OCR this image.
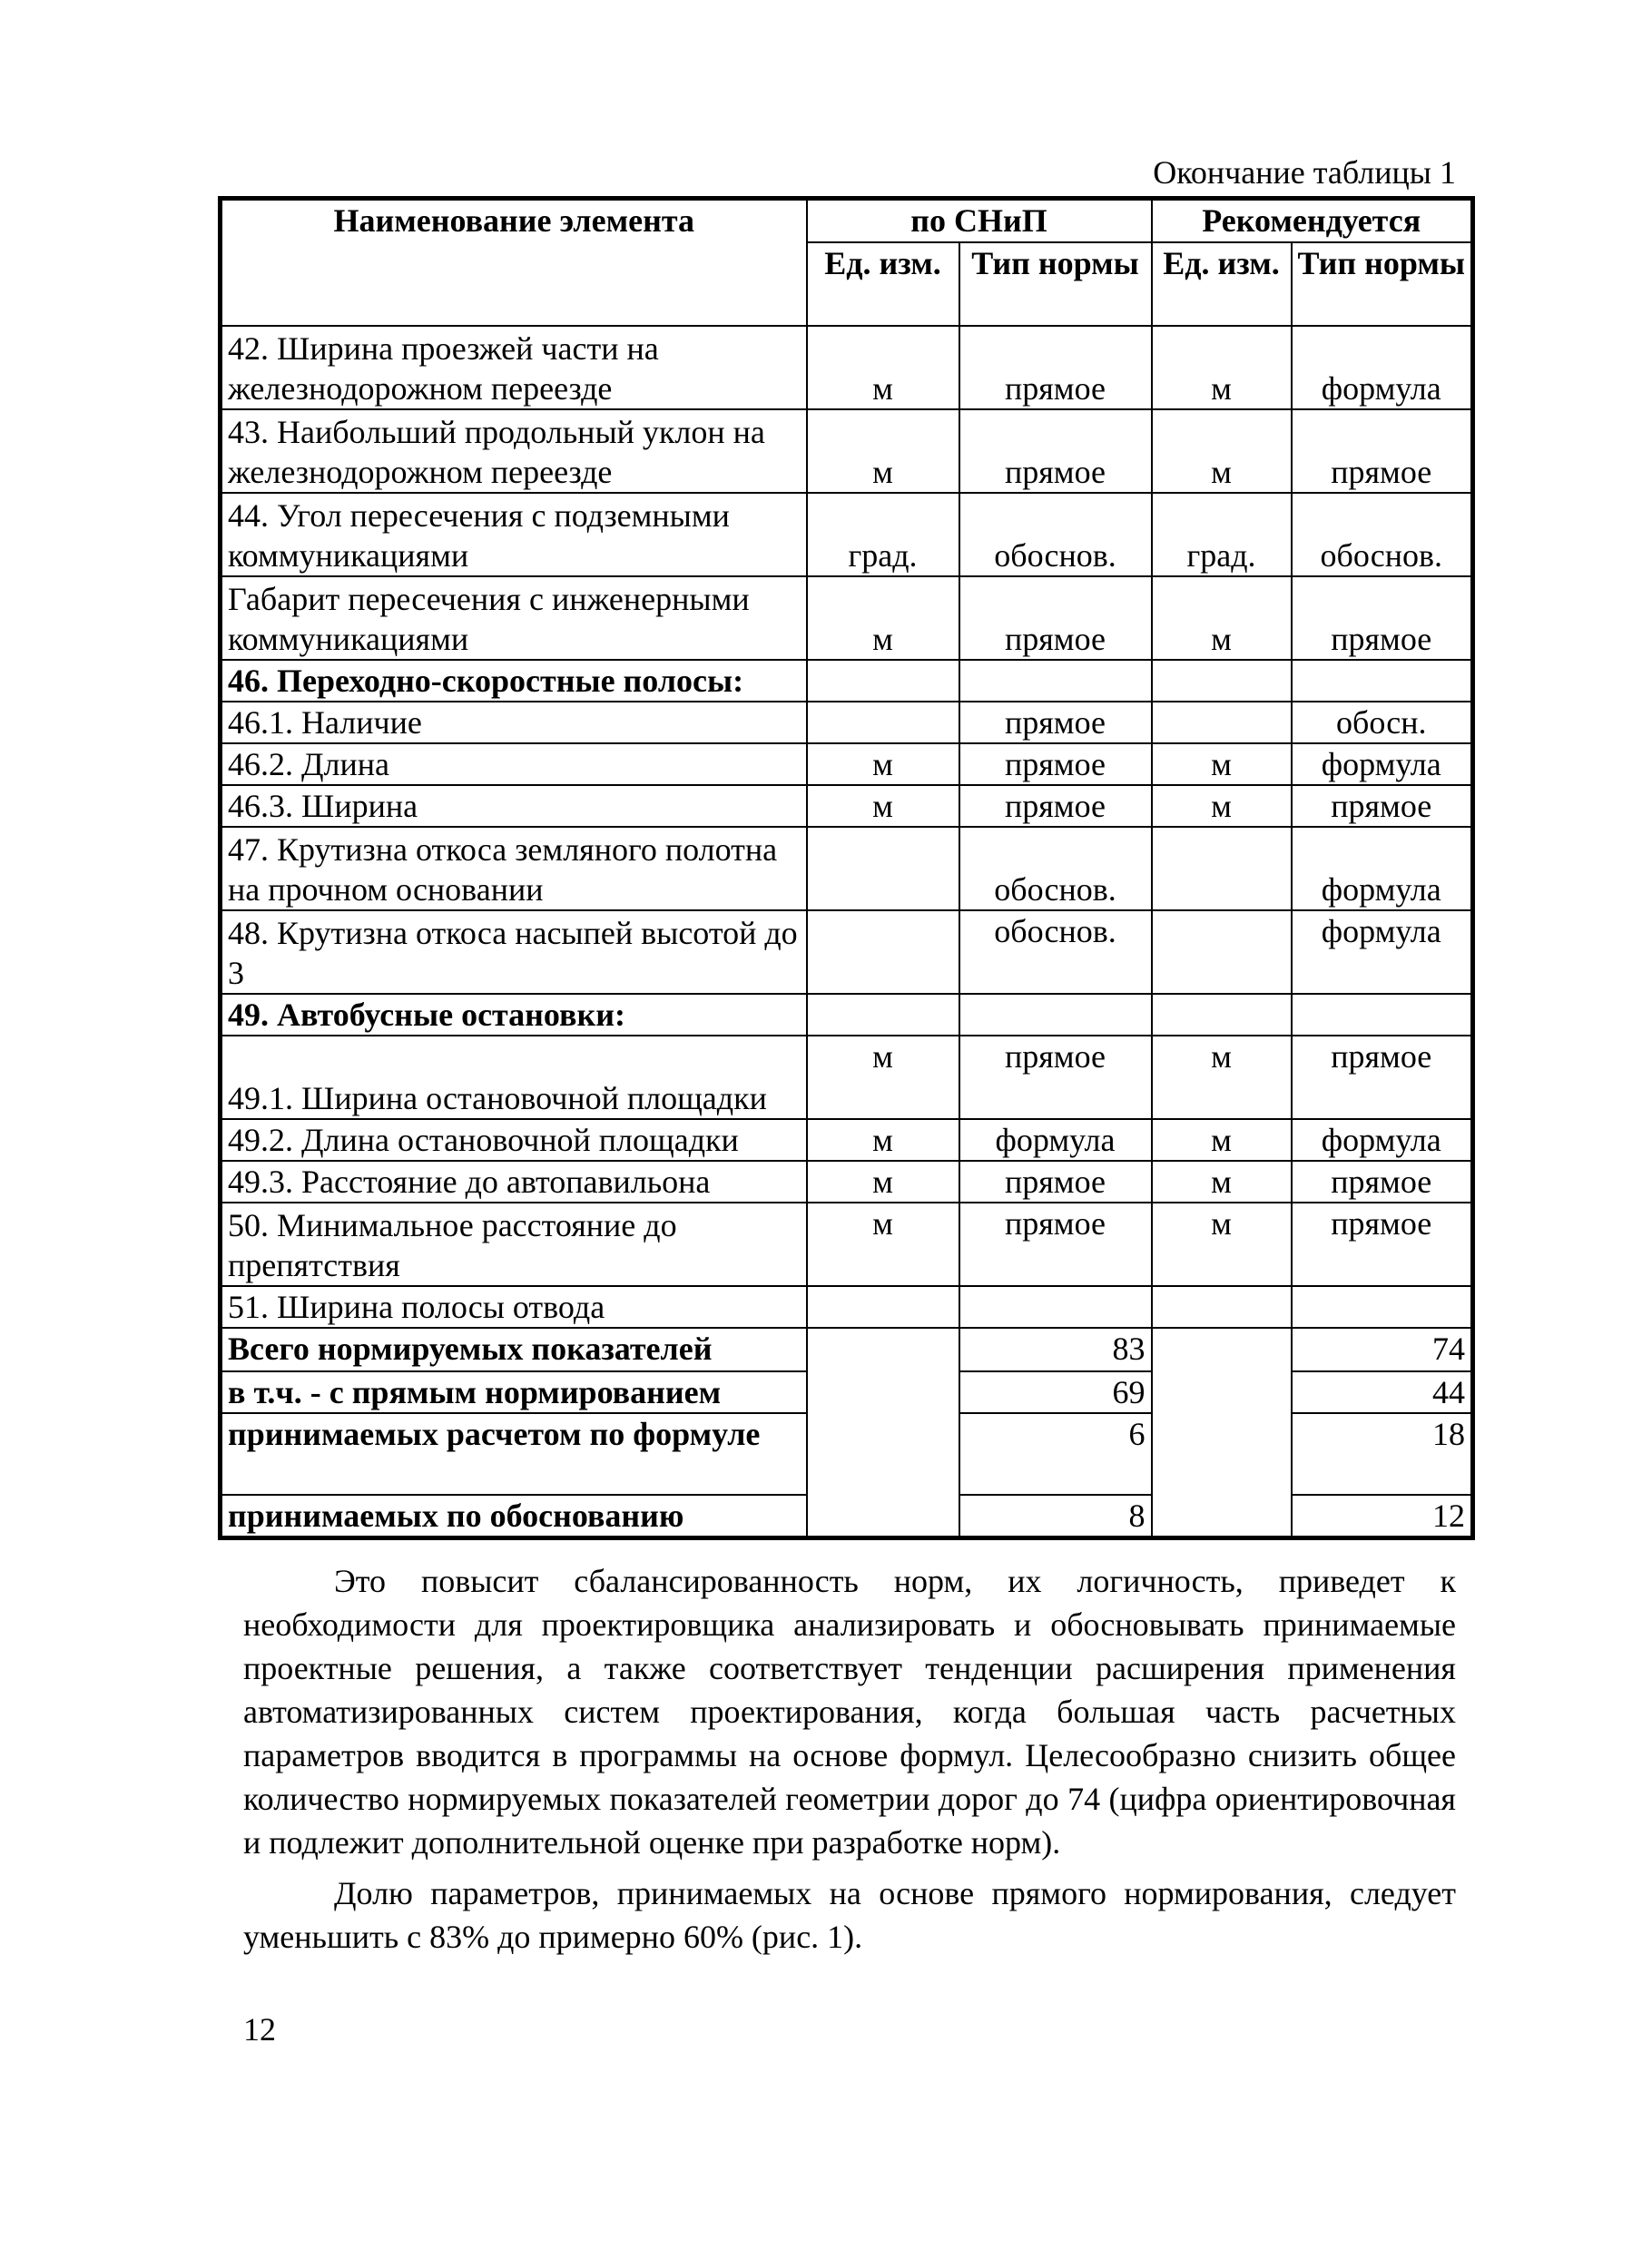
Окончание таблицы 1
Наименование элемента	по СНиП		Рекомендуется	
	Ед. изм.	Тип нормы	Ед. изм.	Тип нормы
42. Ширина проезжей части на железнодорожном переезде	м	прямое	м	формула
43. Наибольший продольный уклон на железнодорожном переезде	м	прямое	м	прямое
44. Угол пересечения с подземными коммуникациями	град.	обоснов.	град.	обоснов.
Габарит пересечения с инженерными коммуникациями	м	прямое	м	прямое
46. Переходно-скоростные полосы:				
46.1. Наличие		прямое		обосн.
46.2. Длина	м	прямое	м	формула
46.3. Ширина	м	прямое	м	прямое
47. Крутизна откоса земляного полотна на прочном основании		обоснов.		формула
48. Крутизна откоса насыпей высотой до 3		обоснов.		формула
49. Автобусные остановки:				
49.1. Ширина остановочной площадки	м	прямое	м	прямое
49.2. Длина остановочной площадки	м	формула	м	формула
49.3. Расстояние до автопавильона	м	прямое	м	прямое
50. Минимальное расстояние до препятствия	м	прямое	м	прямое
51. Ширина полосы отвода				
Всего нормируемых показателей		83		74
в т.ч. - с прямым нормированием		69		44
принимаемых расчетом по формуле		6		18
принимаемых по обоснованию		8		12

Это повысит сбалансированность норм, их логичность, приведет к необходимости для проектировщика анализировать и обосновывать принимаемые проектные решения, а также соответствует тенденции расширения применения автоматизированных систем проектирования, когда большая часть расчетных параметров вводится в программы на основе формул. Целесообразно снизить общее количество нормируемых показателей геометрии дорог до 74 (цифра ориентировочная и подлежит дополнительной оценке при разработке норм).

Долю параметров, принимаемых на основе прямого нормирования, следует уменьшить с 83% до примерно 60% (рис. 1).

12
